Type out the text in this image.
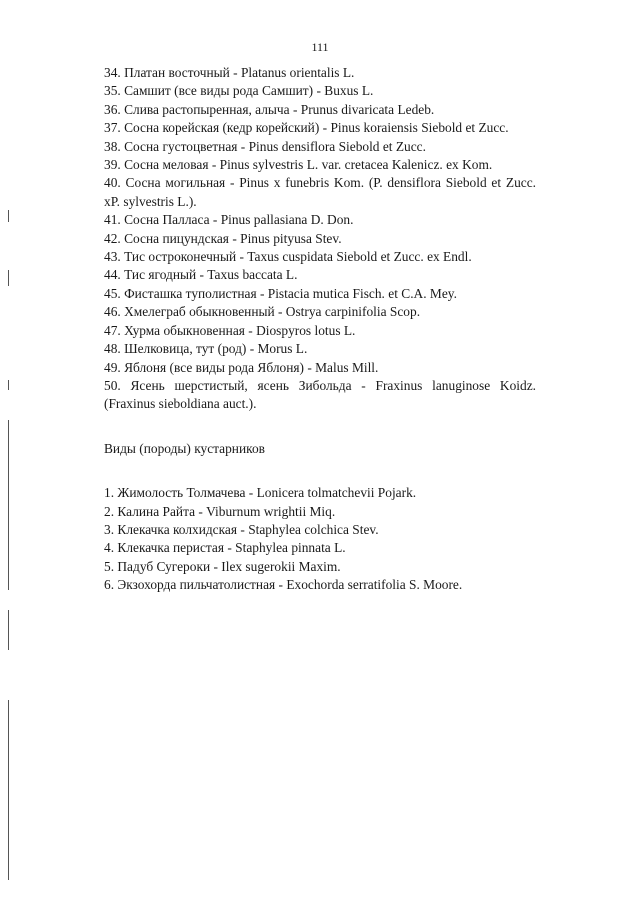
111
34. Платан восточный - Platanus orientalis L.
35. Самшит (все виды рода Самшит) - Buxus L.
36. Слива растопыренная, алыча - Prunus divaricata Ledeb.
37. Сосна корейская (кедр корейский) - Pinus koraiensis Siebold et Zucc.
38. Сосна густоцветная - Pinus densiflora Siebold et Zucc.
39. Сосна меловая - Pinus sylvestris L. var. cretacea Kalenicz. ex Kom.
40. Сосна могильная - Pinus x funebris Kom. (P. densiflora Siebold et Zucc. xP. sylvestris L.).
41. Сосна Палласа - Pinus pallasiana D. Don.
42. Сосна пицундская - Pinus pityusa Stev.
43. Тис остроконечный - Taxus cuspidata Siebold et Zucc. ex Endl.
44. Тис ягодный - Taxus baccata L.
45. Фисташка туполистная - Pistacia mutica Fisch. et C.A. Mey.
46. Хмелеграб обыкновенный - Ostrya carpinifolia Scop.
47. Хурма обыкновенная - Diospyros lotus L.
48. Шелковица, тут (род) - Morus L.
49. Яблоня (все виды рода Яблоня) - Malus Mill.
50. Ясень шерстистый, ясень Зибольда - Fraxinus lanuginose Koidz. (Fraxinus sieboldiana auct.).
Виды (породы) кустарников
1. Жимолость Толмачева - Lonicera tolmatchevii Pojark.
2. Калина Райта - Viburnum wrightii Miq.
3. Клекачка колхидская - Staphylea colchica Stev.
4. Клекачка перистая - Staphylea pinnata L.
5. Падуб Сугероки - Ilex sugerokii Maxim.
6. Экзохорда пильчатолистная - Exochorda serratifolia S. Moore.
